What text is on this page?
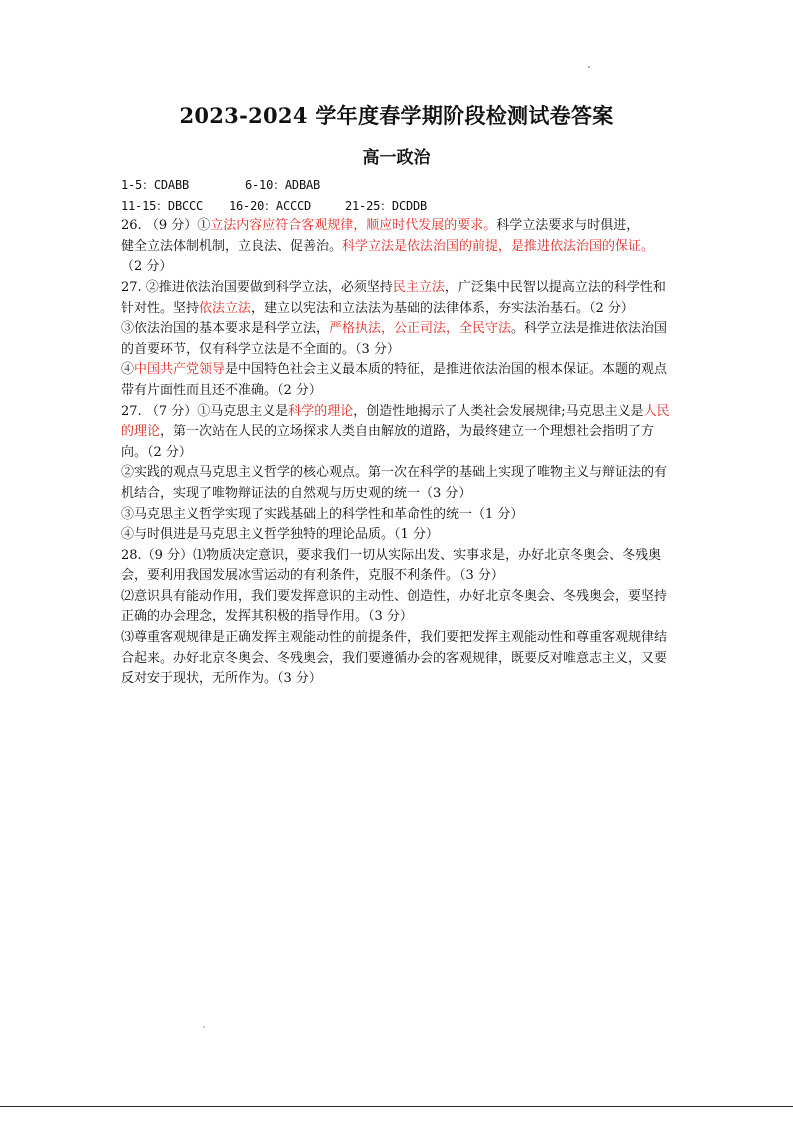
2023-2024 学年度春学期阶段检测试卷答案
高一政治
1-5：CDABB	6-10：ADBAB
11-15：DBCCC	16-20：ACCCD	21-25：DCDDB

26. （9 分）①立法内容应符合客观规律，顺应时代发展的要求。科学立法要求与时俱进，
健全立法体制机制，立良法、促善治。科学立法是依法治国的前提，是推进依法治国的保证。
（2 分）

27. ②推进依法治国要做到科学立法，必须坚持民主立法，广泛集中民智以提高立法的科学性和针对性。坚持依法立法，建立以宪法和立法法为基础的法律体系，夯实法治基石。（2 分）

③依法治国的基本要求是科学立法，严格执法，公正司法，全民守法。科学立法是推进依法治国的首要环节，仅有科学立法是不全面的。（3 分）

④中国共产党领导是中国特色社会主义最本质的特征，是推进依法治国的根本保证。本题的观点带有片面性而且还不准确。（2 分）

27. （7 分）①马克思主义是科学的理论，创造性地揭示了人类社会发展规律;马克思主义是人民的理论，第一次站在人民的立场探求人类自由解放的道路，为最终建立一个理想社会指明了方向。（2 分）

②实践的观点马克思主义哲学的核心观点。第一次在科学的基础上实现了唯物主义与辩证法的有机结合，实现了唯物辩证法的自然观与历史观的统一（3 分）

③马克思主义哲学实现了实践基础上的科学性和革命性的统一（1 分）

④与时俱进是马克思主义哲学独特的理论品质。（1 分）

28.（9 分）⑴物质决定意识，要求我们一切从实际出发、实事求是，办好北京冬奥会、冬残奥会，要利用我国发展冰雪运动的有利条件，克服不利条件。（3 分）

⑵意识具有能动作用，我们要发挥意识的主动性、创造性，办好北京冬奥会、冬残奥会，要坚持正确的办会理念，发挥其积极的指导作用。（3 分）

⑶尊重客观规律是正确发挥主观能动性的前提条件，我们要把发挥主观能动性和尊重客观规律结合起来。办好北京冬奥会、冬残奥会，我们要遵循办会的客观规律，既要反对唯意志主义，又要反对安于现状，无所作为。（3 分）
